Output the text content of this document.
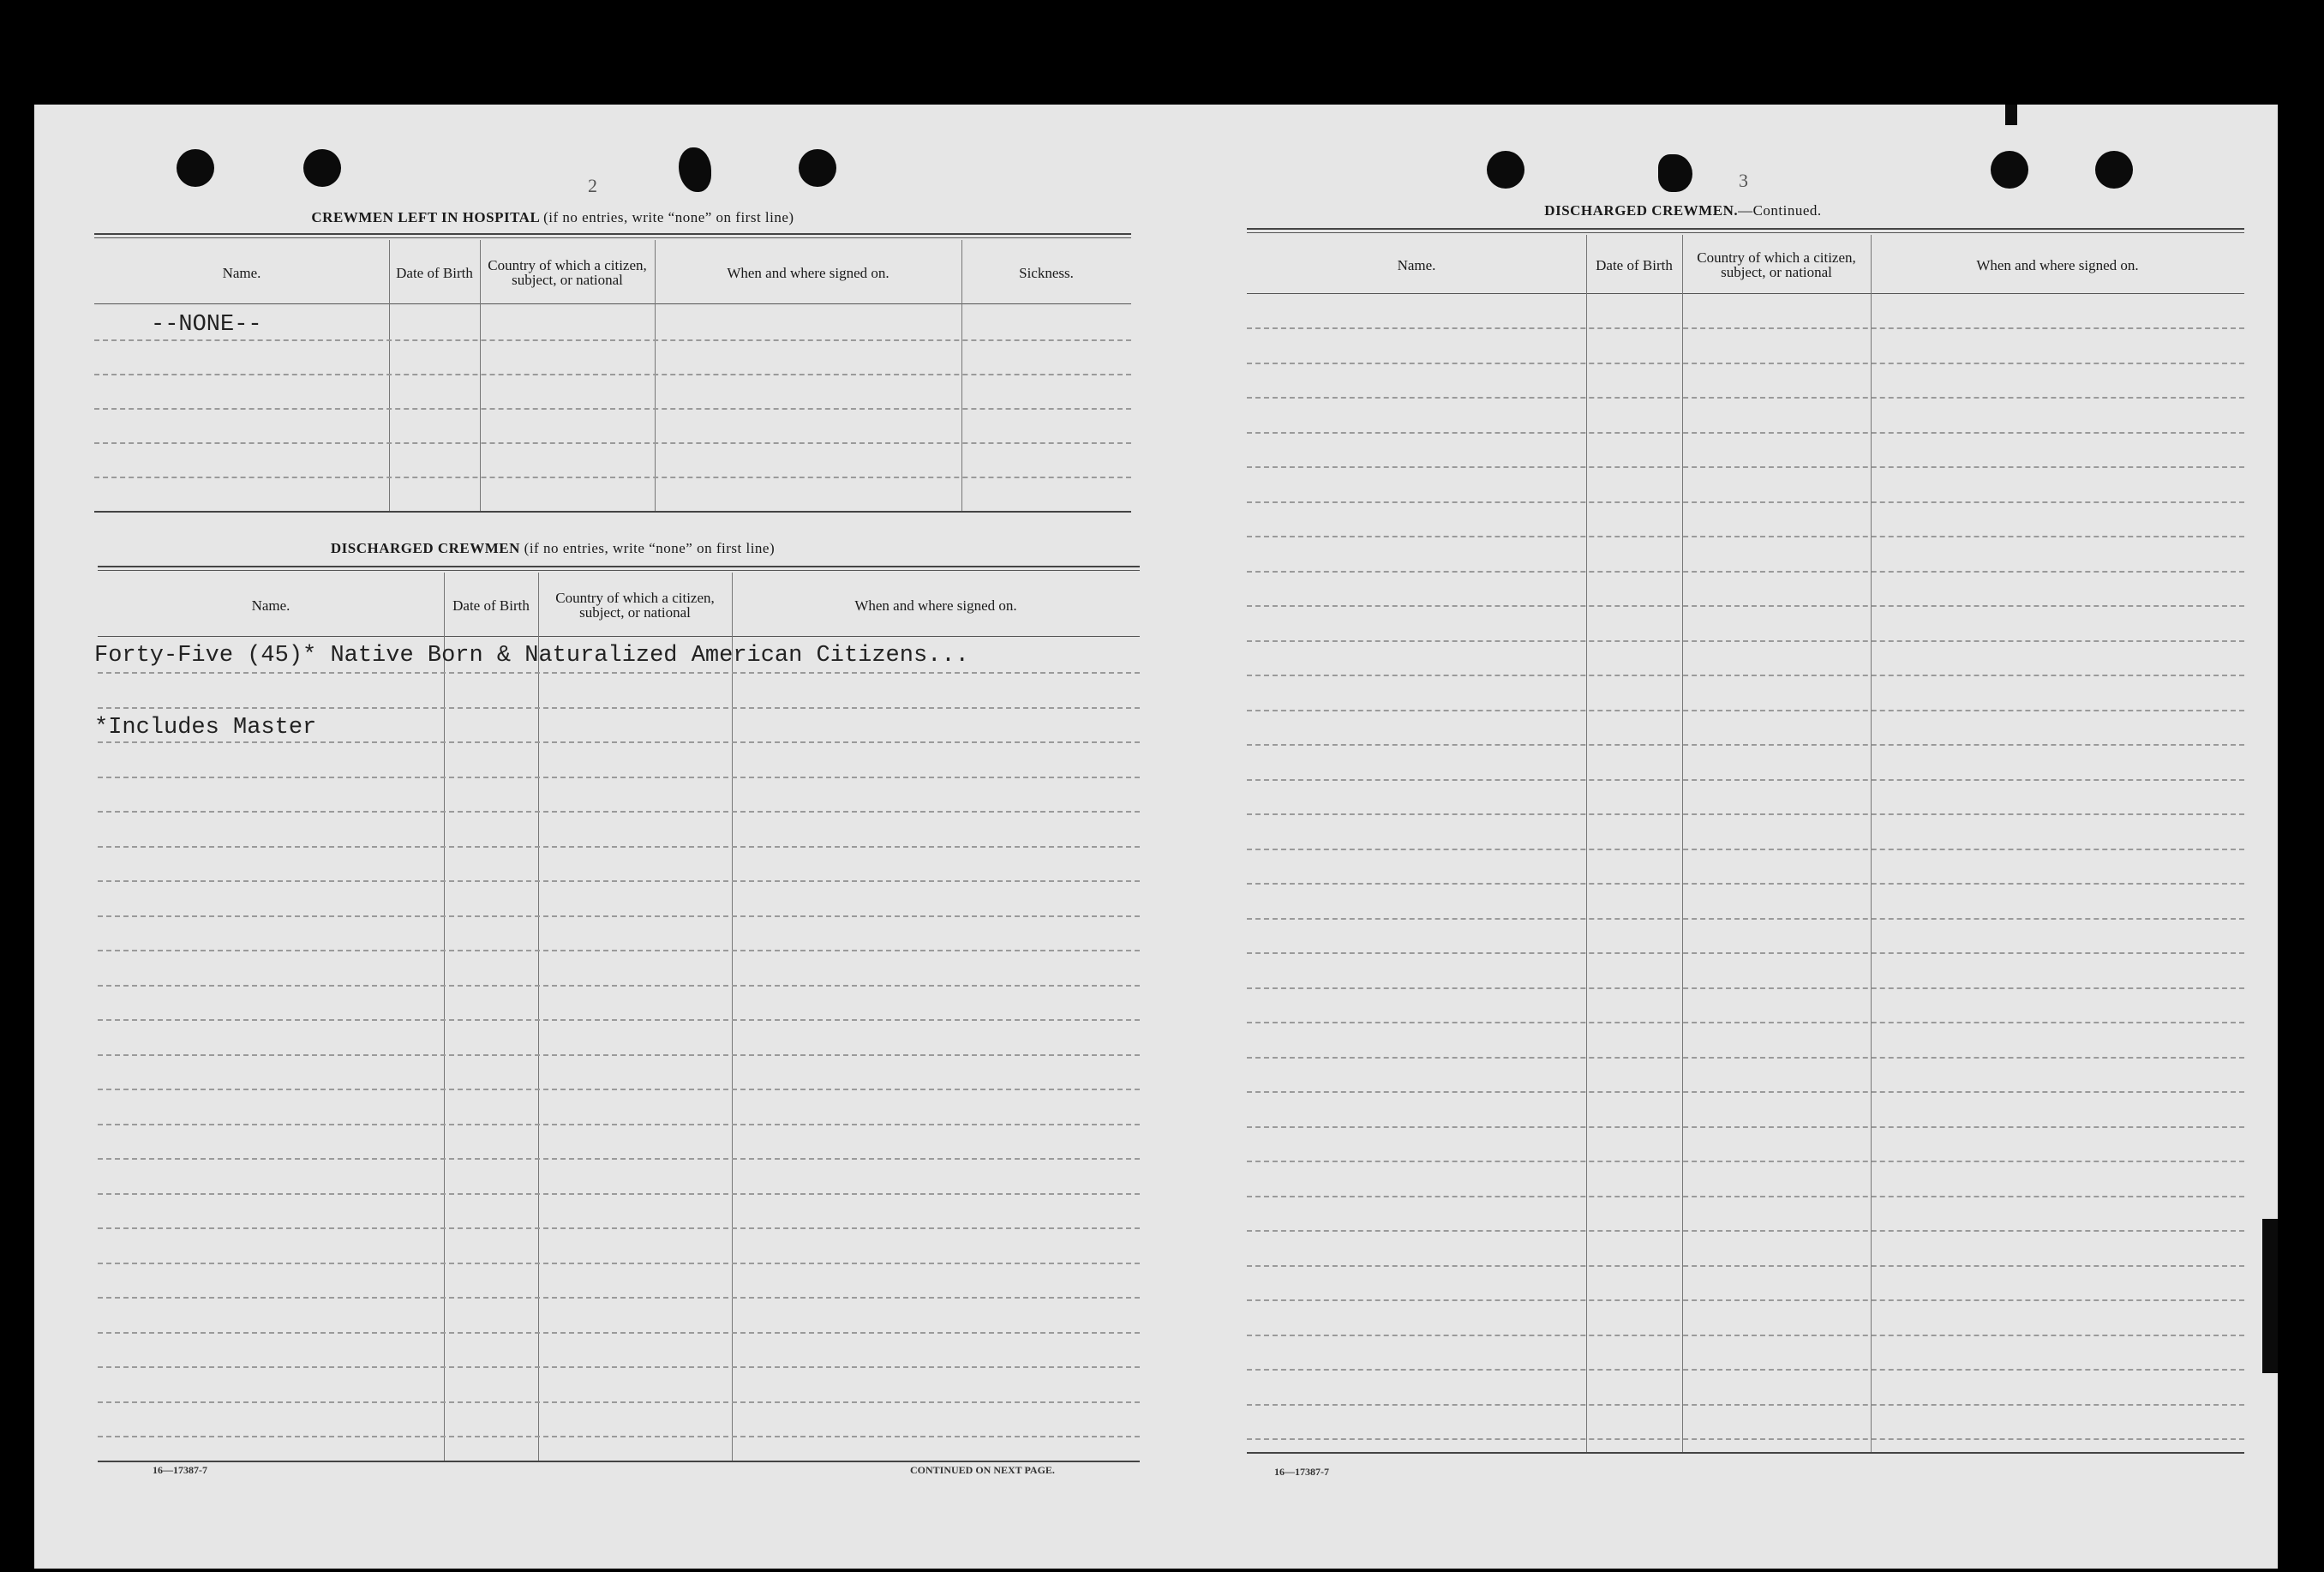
2
CREWMEN LEFT IN HOSPITAL (if no entries, write “none” on first line)
Name.	Date of Birth	Country of which a citizen, subject, or national	When and where signed on.	Sickness.
--NONE--
DISCHARGED CREWMEN (if no entries, write “none” on first line)
Name.	Date of Birth	Country of which a citizen, subject, or national	When and where signed on.
Forty-Five (45)* Native Born & Naturalized American Citizens...
*Includes Master
16—17387-7	CONTINUED ON NEXT PAGE.
3
DISCHARGED CREWMEN.—Continued.
Name.	Date of Birth	Country of which a citizen, subject, or national	When and where signed on.
16—17387-7
